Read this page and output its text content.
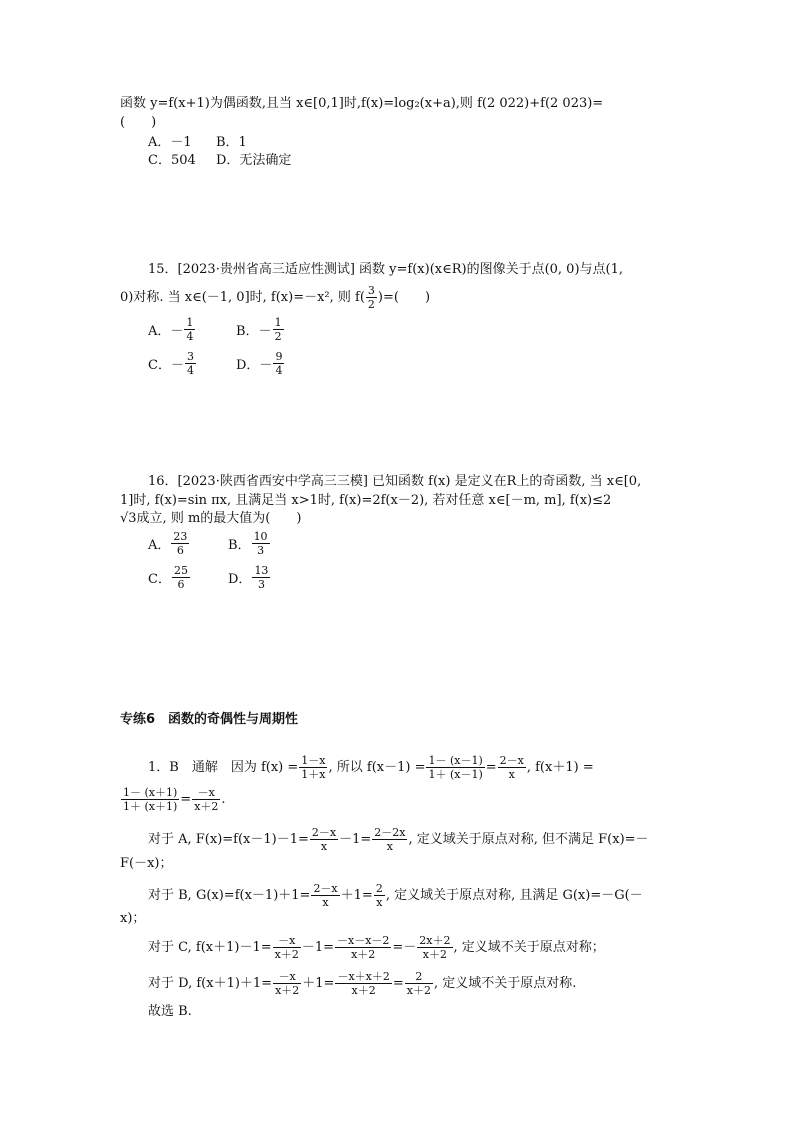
函数 y=f(x+1)为偶函数,且当 x∈[0,1]时,f(x)=log₂(x+a),则 f(2 022)+f(2 023)=
(　　)
A．－1 B．1
C．504 D．无法确定
15．[2023·贵州省高三适应性测试] 函数 y=f(x)(x∈R)的图像关于点(0, 0)与点(1,
0)对称. 当 x∈(－1, 0]时, f(x)=－x², 则 $f( \frac{3}{2}$ )=(　　)
A．－ $\frac{1}{4}$	B．－ $\frac{1}{2}$
C．－ $\frac{3}{4}$	D．－ $\frac{9}{4}$
16．[2023·陕西省西安中学高三三模] 已知函数 f(x) 是定义在R上的奇函数, 当 x∈[0,
1]时, f(x)=sin πx, 且满足当 x>1时, f(x)=2f(x－2), 若对任意 x∈[－m, m], f(x)≤2
√3成立, 则 m的最大值为(　　)
A． $\frac{23}{6}$	B． $\frac{10}{3}$
C． $\frac{25}{6}$	D． $\frac{13}{3}$
专练6　函数的奇偶性与周期性
1．B　通解　因为 $f(x) = \frac{1-x}{1+x}$ , 所以 $f(x-1) = \frac{1- (x-1)}{1+ (x-1)} = \frac{2-x}{x}$ , f(x＋1) =
$\frac{1- (x+1)}{1+ (x+1)} = \frac{-x}{x+2}$ .
对于 A, $F(x)=f(x-1)-1= \frac{2-x}{x} -1= \frac{2-2x}{x}$ , 定义域关于原点对称, 但不满足 F(x)=－
F(－x)；
对于 B, $G(x)=f(x-1)+1= \frac{2-x}{x} +1= \frac{2}{x}$ , 定义域关于原点对称, 且满足 G(x)=－G(－
x)；
对于 C, $f(x+1)-1= \frac{-x}{x+2} -1= \frac{-x-x-2}{x+2} =- \frac{2x+2}{x+2}$ , 定义域不关于原点对称；
对于 D, $f(x+1)+1= \frac{-x}{x+2} +1= \frac{-x+x+2}{x+2} = \frac{2}{x+2}$ , 定义域不关于原点对称.
故选 B.
